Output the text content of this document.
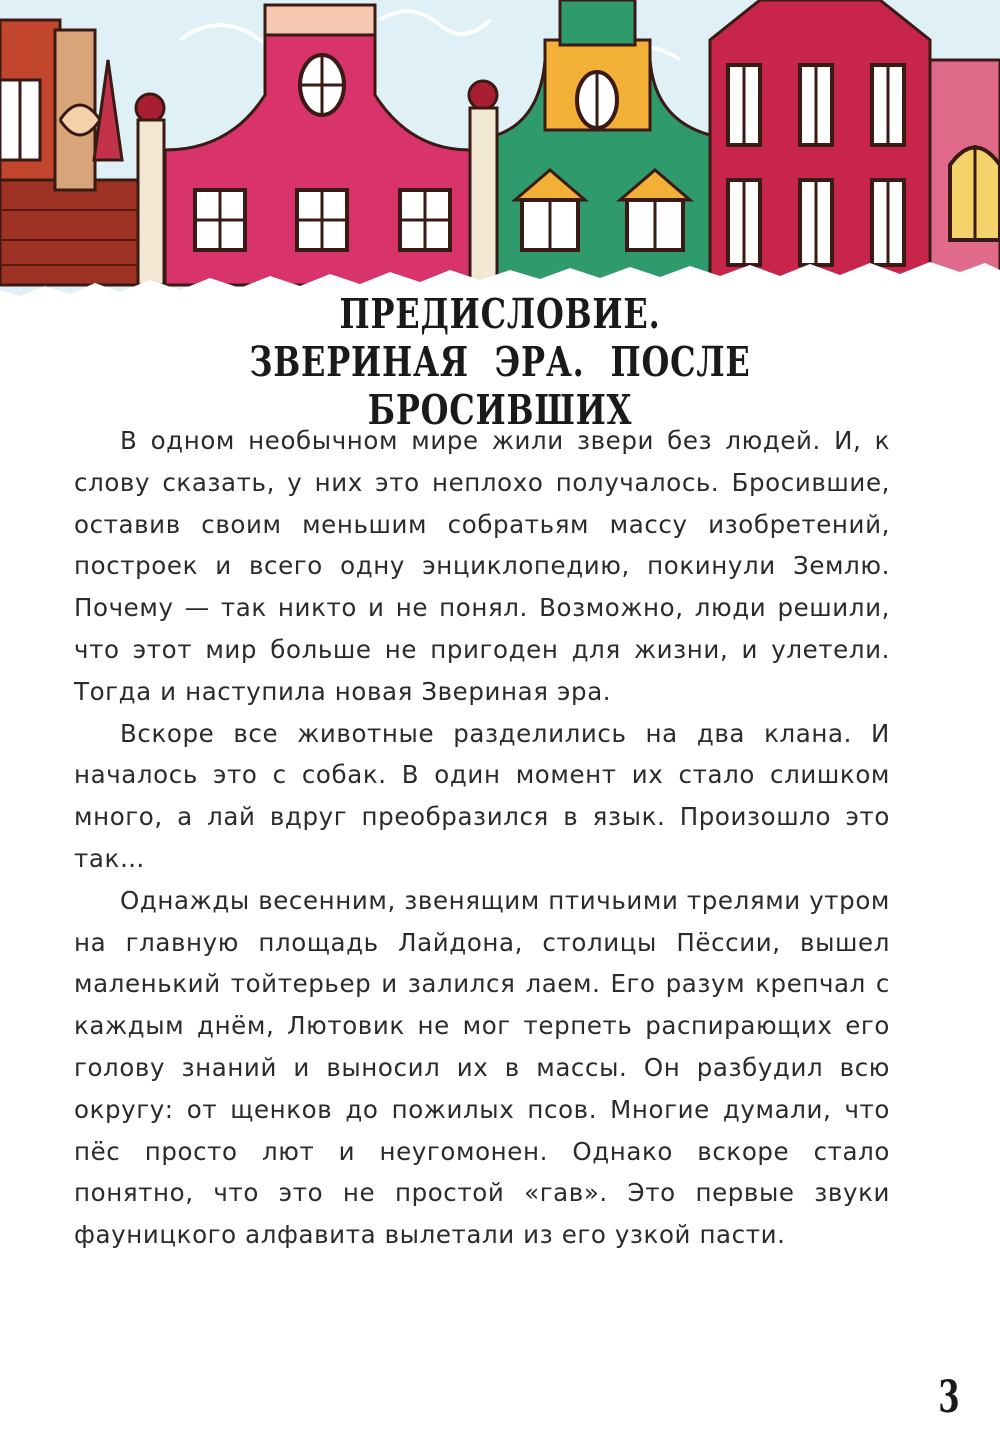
ПРЕДИСЛОВИЕ.
ЗВЕРИНАЯ ЭРА. ПОСЛЕ БРОСИВШИХ

В одном необычном мире жили звери без людей. И, к слову сказать, у них это неплохо получалось. Бросившие, оставив своим меньшим собратьям массу изобретений, построек и всего одну энциклопедию, покинули Землю. Почему — так никто и не понял. Возможно, люди решили, что этот мир больше не пригоден для жизни, и улетели. Тогда и наступила новая Звериная эра.

Вскоре все животные разделились на два клана. И началось это с собак. В один момент их стало слишком много, а лай вдруг преобразился в язык. Произошло это так…

Однажды весенним, звенящим птичьими трелями утром на главную площадь Лайдона, столицы Пёссии, вышел маленький тойтерьер и залился лаем. Его разум крепчал с каждым днём, Лютовик не мог терпеть распирающих его голову знаний и выносил их в массы. Он разбудил всю округу: от щенков до пожилых псов. Многие думали, что пёс просто лют и неугомонен. Однако вскоре стало понятно, что это не простой «гав». Это первые звуки фауницкого алфавита вылетали из его узкой пасти.

3
